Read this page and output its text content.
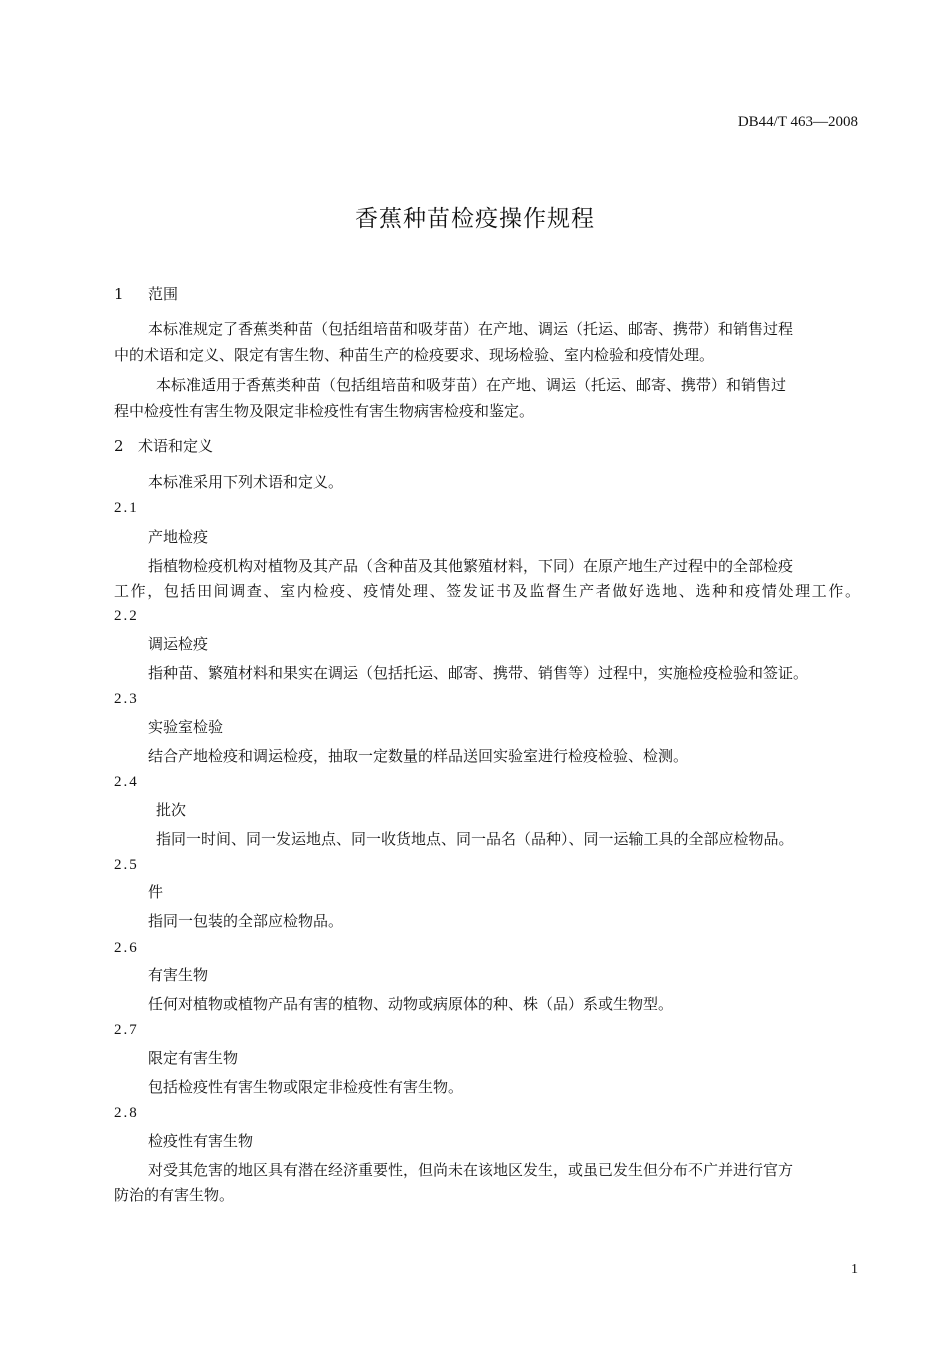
DB44/T 463—2008
香蕉种苗检疫操作规程
1 范围
本标准规定了香蕉类种苗（包括组培苗和吸芽苗）在产地、调运（托运、邮寄、携带）和销售过程
中的术语和定义、限定有害生物、种苗生产的检疫要求、现场检验、室内检验和疫情处理。
本标准适用于香蕉类种苗（包括组培苗和吸芽苗）在产地、调运（托运、邮寄、携带）和销售过
程中检疫性有害生物及限定非检疫性有害生物病害检疫和鉴定。
2 术语和定义
本标准采用下列术语和定义。
2.1
产地检疫
指植物检疫机构对植物及其产品（含种苗及其他繁殖材料，下同）在原产地生产过程中的全部检疫
工作，包括田间调查、室内检疫、疫情处理、签发证书及监督生产者做好选地、选种和疫情处理工作。
2.2
调运检疫
指种苗、繁殖材料和果实在调运（包括托运、邮寄、携带、销售等）过程中，实施检疫检验和签证。
2.3
实验室检验
结合产地检疫和调运检疫，抽取一定数量的样品送回实验室进行检疫检验、检测。
2.4
批次
指同一时间、同一发运地点、同一收货地点、同一品名（品种）、同一运输工具的全部应检物品。
2.5
件
指同一包装的全部应检物品。
2.6
有害生物
任何对植物或植物产品有害的植物、动物或病原体的种、株（品）系或生物型。
2.7
限定有害生物
包括检疫性有害生物或限定非检疫性有害生物。
2.8
检疫性有害生物
对受其危害的地区具有潜在经济重要性，但尚未在该地区发生，或虽已发生但分布不广并进行官方
防治的有害生物。
1
